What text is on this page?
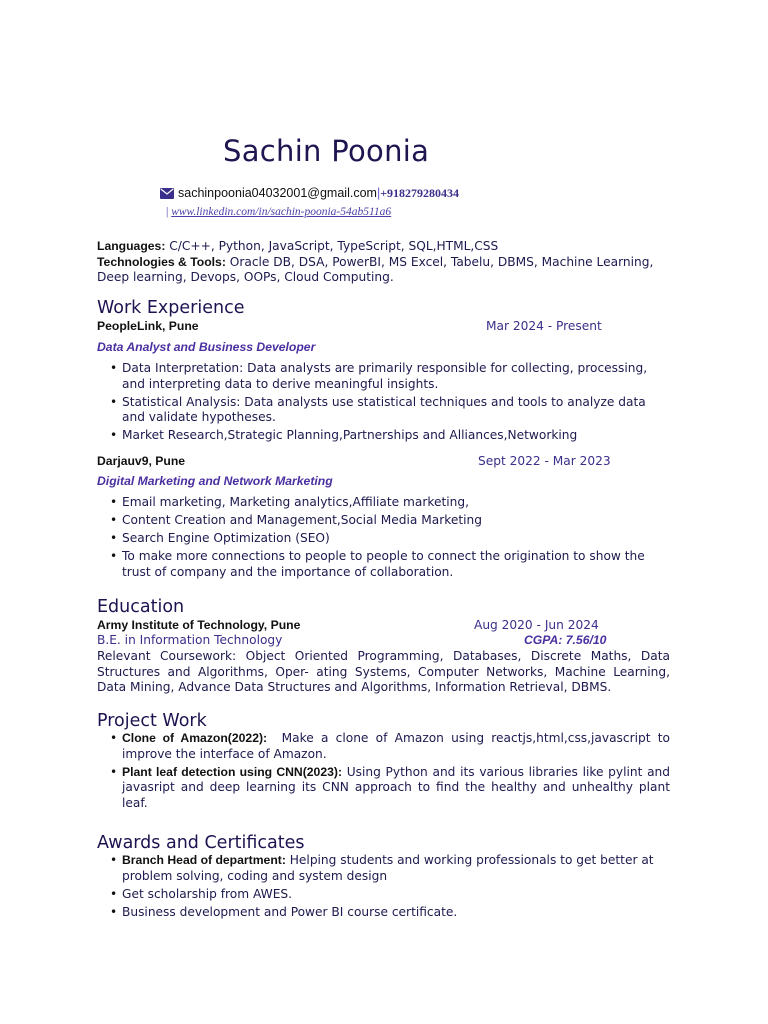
Sachin Poonia
sachinpoonia04032001@gmail.com|+918279280434
| www.linkedin.com/in/sachin-poonia-54ab511a6
Languages: C/C++, Python, JavaScript, TypeScript, SQL,HTML,CSS
Technologies & Tools: Oracle DB, DSA, PowerBI, MS Excel, Tabelu, DBMS, Machine Learning, Deep learning, Devops, OOPs, Cloud Computing.
Work Experience
PeopleLink, Pune	Mar 2024 - Present
Data Analyst and Business Developer
• Data Interpretation: Data analysts are primarily responsible for collecting, processing, and interpreting data to derive meaningful insights.
• Statistical Analysis: Data analysts use statistical techniques and tools to analyze data and validate hypotheses.
• Market Research,Strategic Planning,Partnerships and Alliances,Networking
Darjauv9, Pune	Sept 2022 - Mar 2023
Digital Marketing and Network Marketing
• Email marketing, Marketing analytics,Affiliate marketing,
• Content Creation and Management,Social Media Marketing
• Search Engine Optimization (SEO)
• To make more connections to people to people to connect the origination to show the trust of company and the importance of collaboration.
Education
Army Institute of Technology, Pune	Aug 2020 - Jun 2024
B.E. in Information Technology	CGPA: 7.56/10
Relevant Coursework: Object Oriented Programming, Databases, Discrete Maths, Data Structures and Algorithms, Oper- ating Systems, Computer Networks, Machine Learning, Data Mining, Advance Data Structures and Algorithms, Information Retrieval, DBMS.
Project Work
• Clone of Amazon(2022): Make a clone of Amazon using reactjs,html,css,javascript to improve the interface of Amazon.
• Plant leaf detection using CNN(2023): Using Python and its various libraries like pylint and javasript and deep learning its CNN approach to find the healthy and unhealthy plant leaf.
Awards and Certificates
• Branch Head of department: Helping students and working professionals to get better at problem solving, coding and system design
• Get scholarship from AWES.
• Business development and Power BI course certificate.
